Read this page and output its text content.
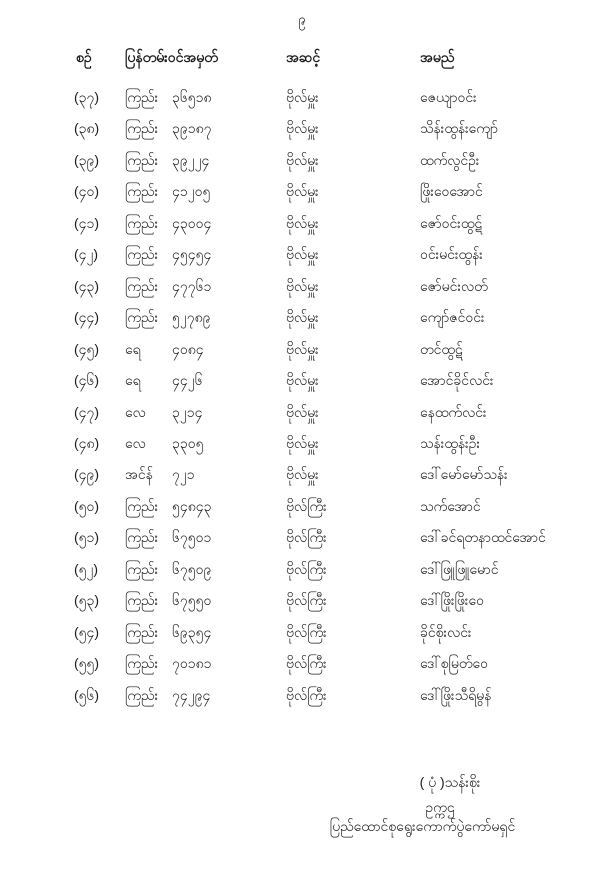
၉
စဉ် ပြန်တမ်းဝင်အမှတ်	အဆင့်	အမည်
(၃၇) ကြည်း ၃၆၅၁၈	ဗိုလ်မှူး	ဇေယျာဝင်း
(၃၈) ကြည်း ၃၉၁၈၇	ဗိုလ်မှူး	သိန်းထွန်းကျော်
(၃၉) ကြည်း ၃၉၂၂၄	ဗိုလ်မှူး	ထက်လွင်ဦး
(၄၀) ကြည်း ၄၁၂၀၅	ဗိုလ်မှူး	ဖြိုးဝေအောင်
(၄၁) ကြည်း ၄၃၀၀၄	ဗိုလ်မှူး	ဇော်ဝင်းထွဋ်
(၄၂) ကြည်း ၄၅၄၅၄	ဗိုလ်မှူး	ဝင်းမင်းထွန်း
(၄၃) ကြည်း ၄၇၇၆၁	ဗိုလ်မှူး	ဇော်မင်းလတ်
(၄၄) ကြည်း ၅၂၇၈၉	ဗိုလ်မှူး	ကျော်ဇင်ဝင်း
(၄၅) ရေ ၄၀၈၄	ဗိုလ်မှူး	တင်ထွဋ်
(၄၆) ရေ ၄၄၂၆	ဗိုလ်မှူး	အောင်ခိုင်လင်း
(၄၇) လေ ၃၂၁၄	ဗိုလ်မှူး	နေထက်လင်း
(၄၈) လေ ၃၃၀၅	ဗိုလ်မှူး	သန်းထွန်းဦး
(၄၉) အင်န် ၇၂၁	ဗိုလ်မှူး	ဒေါ်မော်မော်သန်း
(၅၀) ကြည်း ၅၄၈၄၃	ဗိုလ်ကြီး	သက်အောင်
(၅၁) ကြည်း ၆၇၅၀၁	ဗိုလ်ကြီး	ဒေါ်ခင်ရတနာထင်အောင်
(၅၂) ကြည်း ၆၇၅၀၉	ဗိုလ်ကြီး	ဒေါ်ဖြူဖြူမောင်
(၅၃) ကြည်း ၆၇၅၅၀	ဗိုလ်ကြီး	ဒေါ်ဖြိုးဖြိုးဝေ
(၅၄) ကြည်း ၆၉၃၅၄	ဗိုလ်ကြီး	ခိုင်စိုးလင်း
(၅၅) ကြည်း ၇၀၁၈၁	ဗိုလ်ကြီး	ဒေါ်စုမြတ်ဝေ
(၅၆) ကြည်း ၇၄၂၉၄	ဗိုလ်ကြီး	ဒေါ်ဖြိုးသီရိမွန်
( ပုံ )သန်းစိုး
ဥက္ကဌ
ပြည်ထောင်စုရွေးကောက်ပွဲကော်မရှင်
